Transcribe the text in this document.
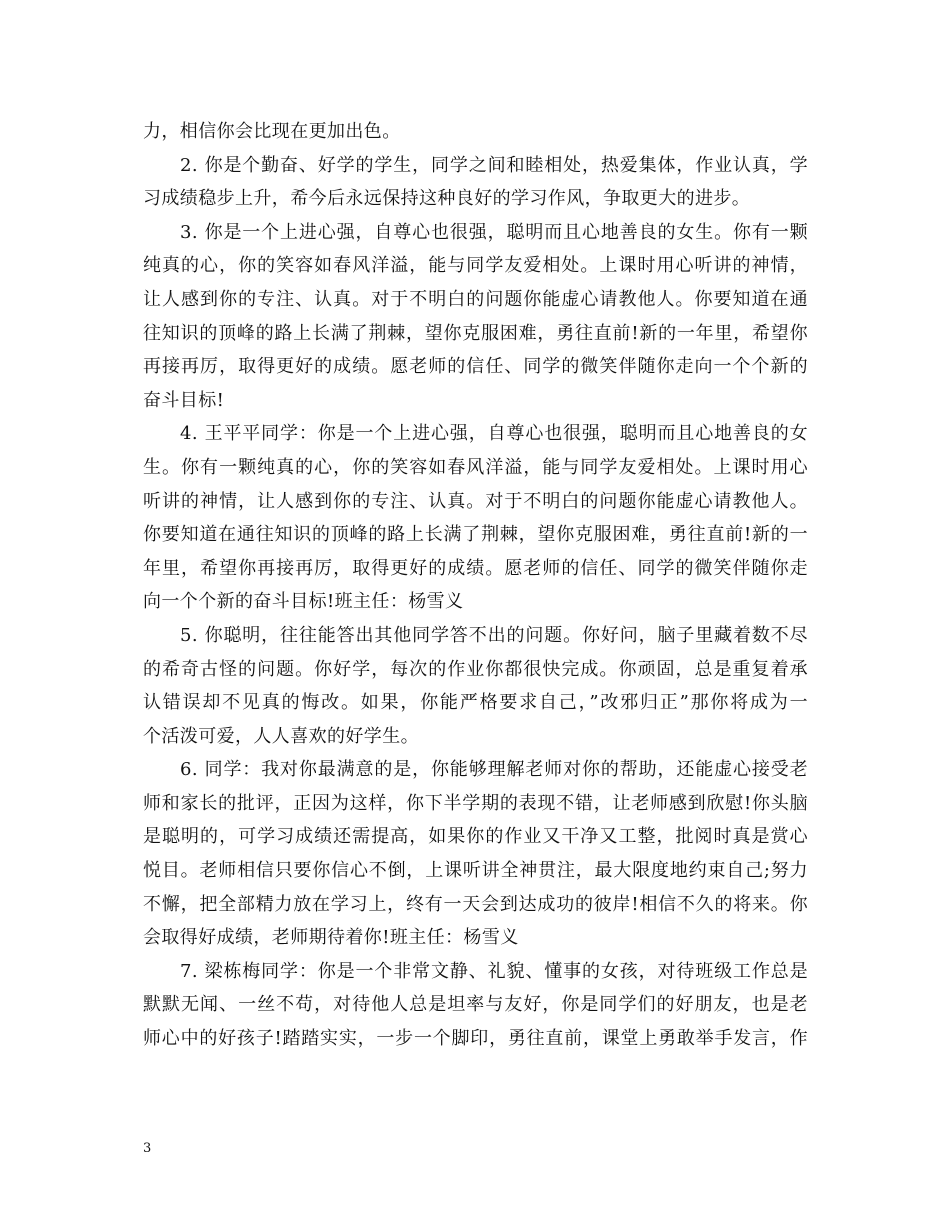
力，相信你会比现在更加出色。
2. 你是个勤奋、好学的学生，同学之间和睦相处，热爱集体，作业认真，学
习成绩稳步上升，希今后永远保持这种良好的学习作风，争取更大的进步。
3. 你是一个上进心强，自尊心也很强，聪明而且心地善良的女生。你有一颗
纯真的心，你的笑容如春风洋溢，能与同学友爱相处。上课时用心听讲的神情，
让人感到你的专注、认真。对于不明白的问题你能虚心请教他人。你要知道在通
往知识的顶峰的路上长满了荆棘，望你克服困难，勇往直前!新的一年里，希望你
再接再厉，取得更好的成绩。愿老师的信任、同学的微笑伴随你走向一个个新的
奋斗目标!
4. 王平平同学：你是一个上进心强，自尊心也很强，聪明而且心地善良的女
生。你有一颗纯真的心，你的笑容如春风洋溢，能与同学友爱相处。上课时用心
听讲的神情，让人感到你的专注、认真。对于不明白的问题你能虚心请教他人。
你要知道在通往知识的顶峰的路上长满了荆棘，望你克服困难，勇往直前!新的一
年里，希望你再接再厉，取得更好的成绩。愿老师的信任、同学的微笑伴随你走
向一个个新的奋斗目标!班主任：杨雪义
5. 你聪明，往往能答出其他同学答不出的问题。你好问，脑子里藏着数不尽
的希奇古怪的问题。你好学，每次的作业你都很快完成。你顽固，总是重复着承
认错误却不见真的悔改。如果，你能严格要求自己，”改邪归正”那你将成为一
个活泼可爱，人人喜欢的好学生。
6. 同学：我对你最满意的是，你能够理解老师对你的帮助，还能虚心接受老
师和家长的批评，正因为这样，你下半学期的表现不错，让老师感到欣慰!你头脑
是聪明的，可学习成绩还需提高，如果你的作业又干净又工整，批阅时真是赏心
悦目。老师相信只要你信心不倒，上课听讲全神贯注，最大限度地约束自己;努力
不懈，把全部精力放在学习上，终有一天会到达成功的彼岸!相信不久的将来。你
会取得好成绩，老师期待着你!班主任：杨雪义
7. 梁栋梅同学：你是一个非常文静、礼貌、懂事的女孩，对待班级工作总是
默默无闻、一丝不苟，对待他人总是坦率与友好，你是同学们的好朋友，也是老
师心中的好孩子!踏踏实实，一步一个脚印，勇往直前，课堂上勇敢举手发言，作
3
